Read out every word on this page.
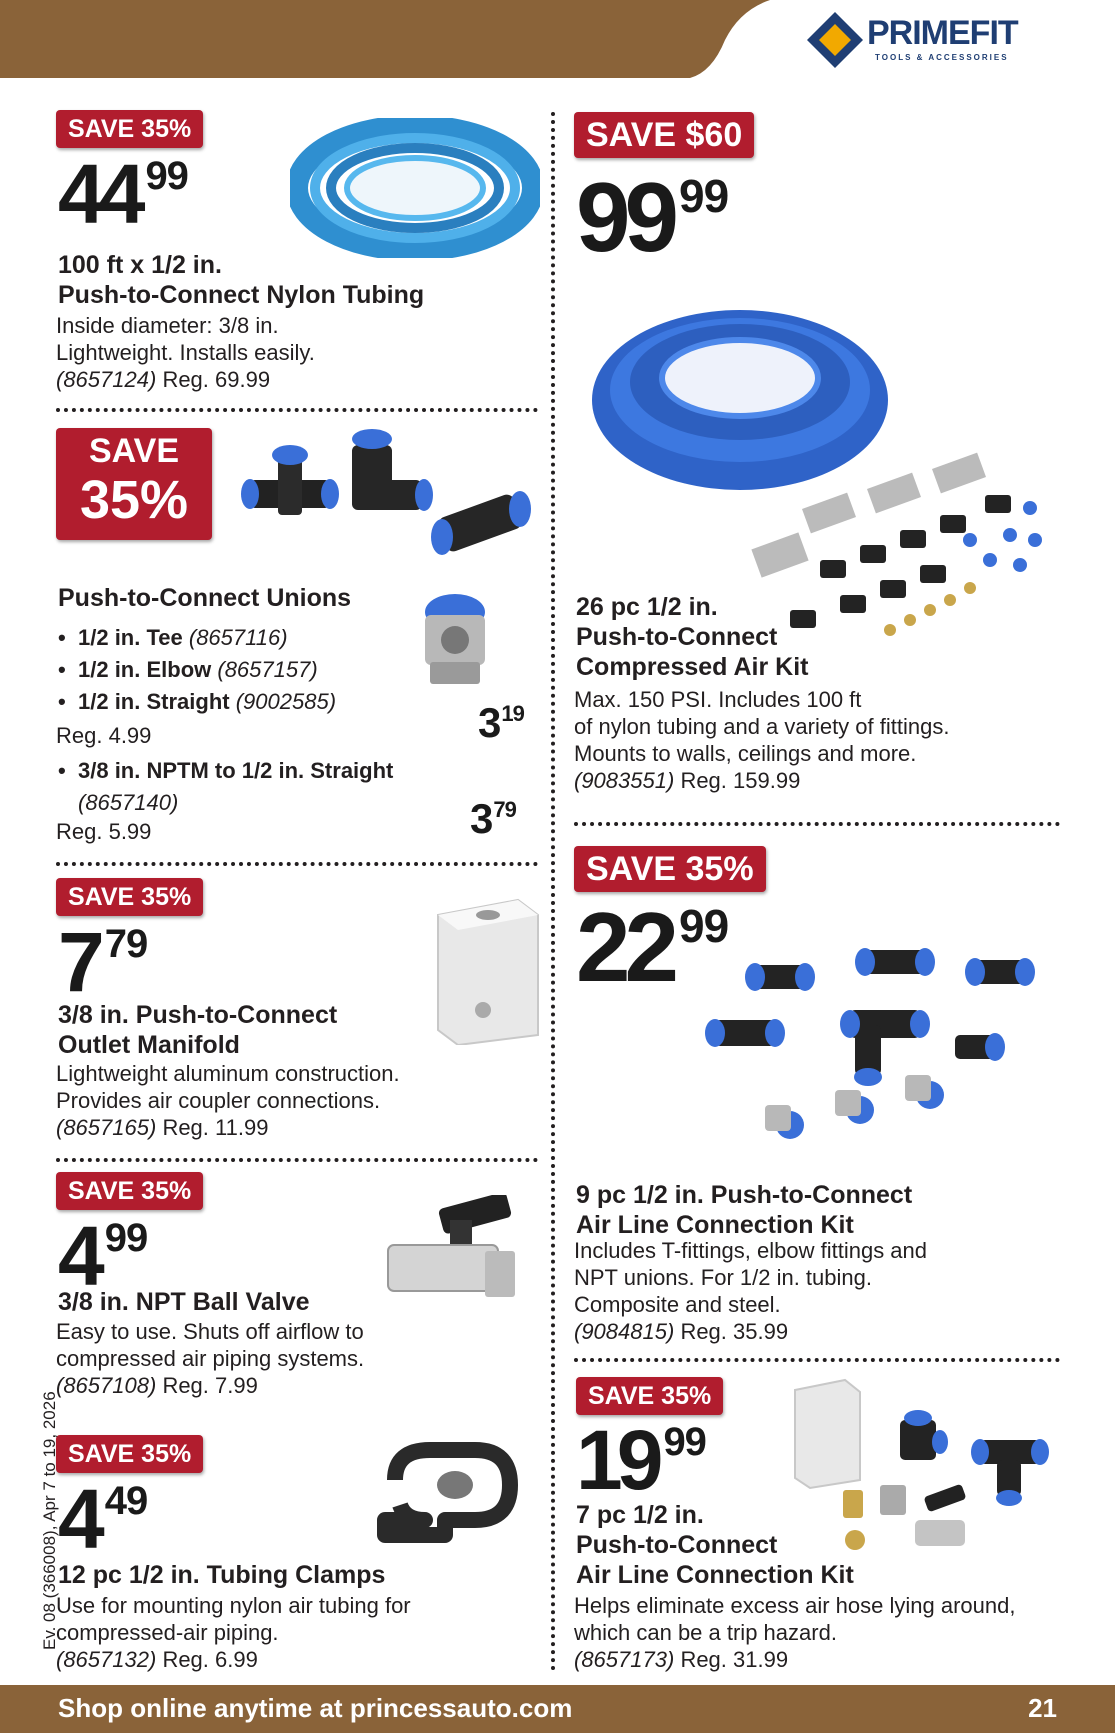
PRIMEFIT
TOOLS & ACCESSORIES
SAVE 35%
44 99
100 ft x 1/2 in.
Push-to-Connect Nylon Tubing
Inside diameter: 3/8 in.
Lightweight. Installs easily.
(8657124) Reg. 69.99
SAVE
35%
Push-to-Connect Unions
• 1/2 in. Tee (8657116)
• 1/2 in. Elbow (8657157)
• 1/2 in. Straight (9002585)
Reg. 4.99	319
• 3/8 in. NPTM to 1/2 in. Straight
(8657140)
Reg. 5.99	379
SAVE 35%
7 79
3/8 in. Push-to-Connect
Outlet Manifold
Lightweight aluminum construction.
Provides air coupler connections.
(8657165) Reg. 11.99
SAVE 35%
4 99
3/8 in. NPT Ball Valve
Easy to use. Shuts off airflow to
compressed air piping systems.
(8657108) Reg. 7.99
SAVE 35%
4 49
12 pc 1/2 in. Tubing Clamps
Use for mounting nylon air tubing for
compressed-air piping.
(8657132) Reg. 6.99
SAVE $60
99 99
26 pc 1/2 in.
Push-to-Connect
Compressed Air Kit
Max. 150 PSI. Includes 100 ft
of nylon tubing and a variety of fittings.
Mounts to walls, ceilings and more.
(9083551) Reg. 159.99
SAVE 35%
22 99
9 pc 1/2 in. Push-to-Connect
Air Line Connection Kit
Includes T-fittings, elbow fittings and
NPT unions. For 1/2 in. tubing.
Composite and steel.
(9084815) Reg. 35.99
SAVE 35%
19 99
7 pc 1/2 in.
Push-to-Connect
Air Line Connection Kit
Helps eliminate excess air hose lying around,
which can be a trip hazard.
(8657173) Reg. 31.99
Ev. 08 (366008), Apr 7 to 19, 2026
Shop online anytime at princessauto.com	21
